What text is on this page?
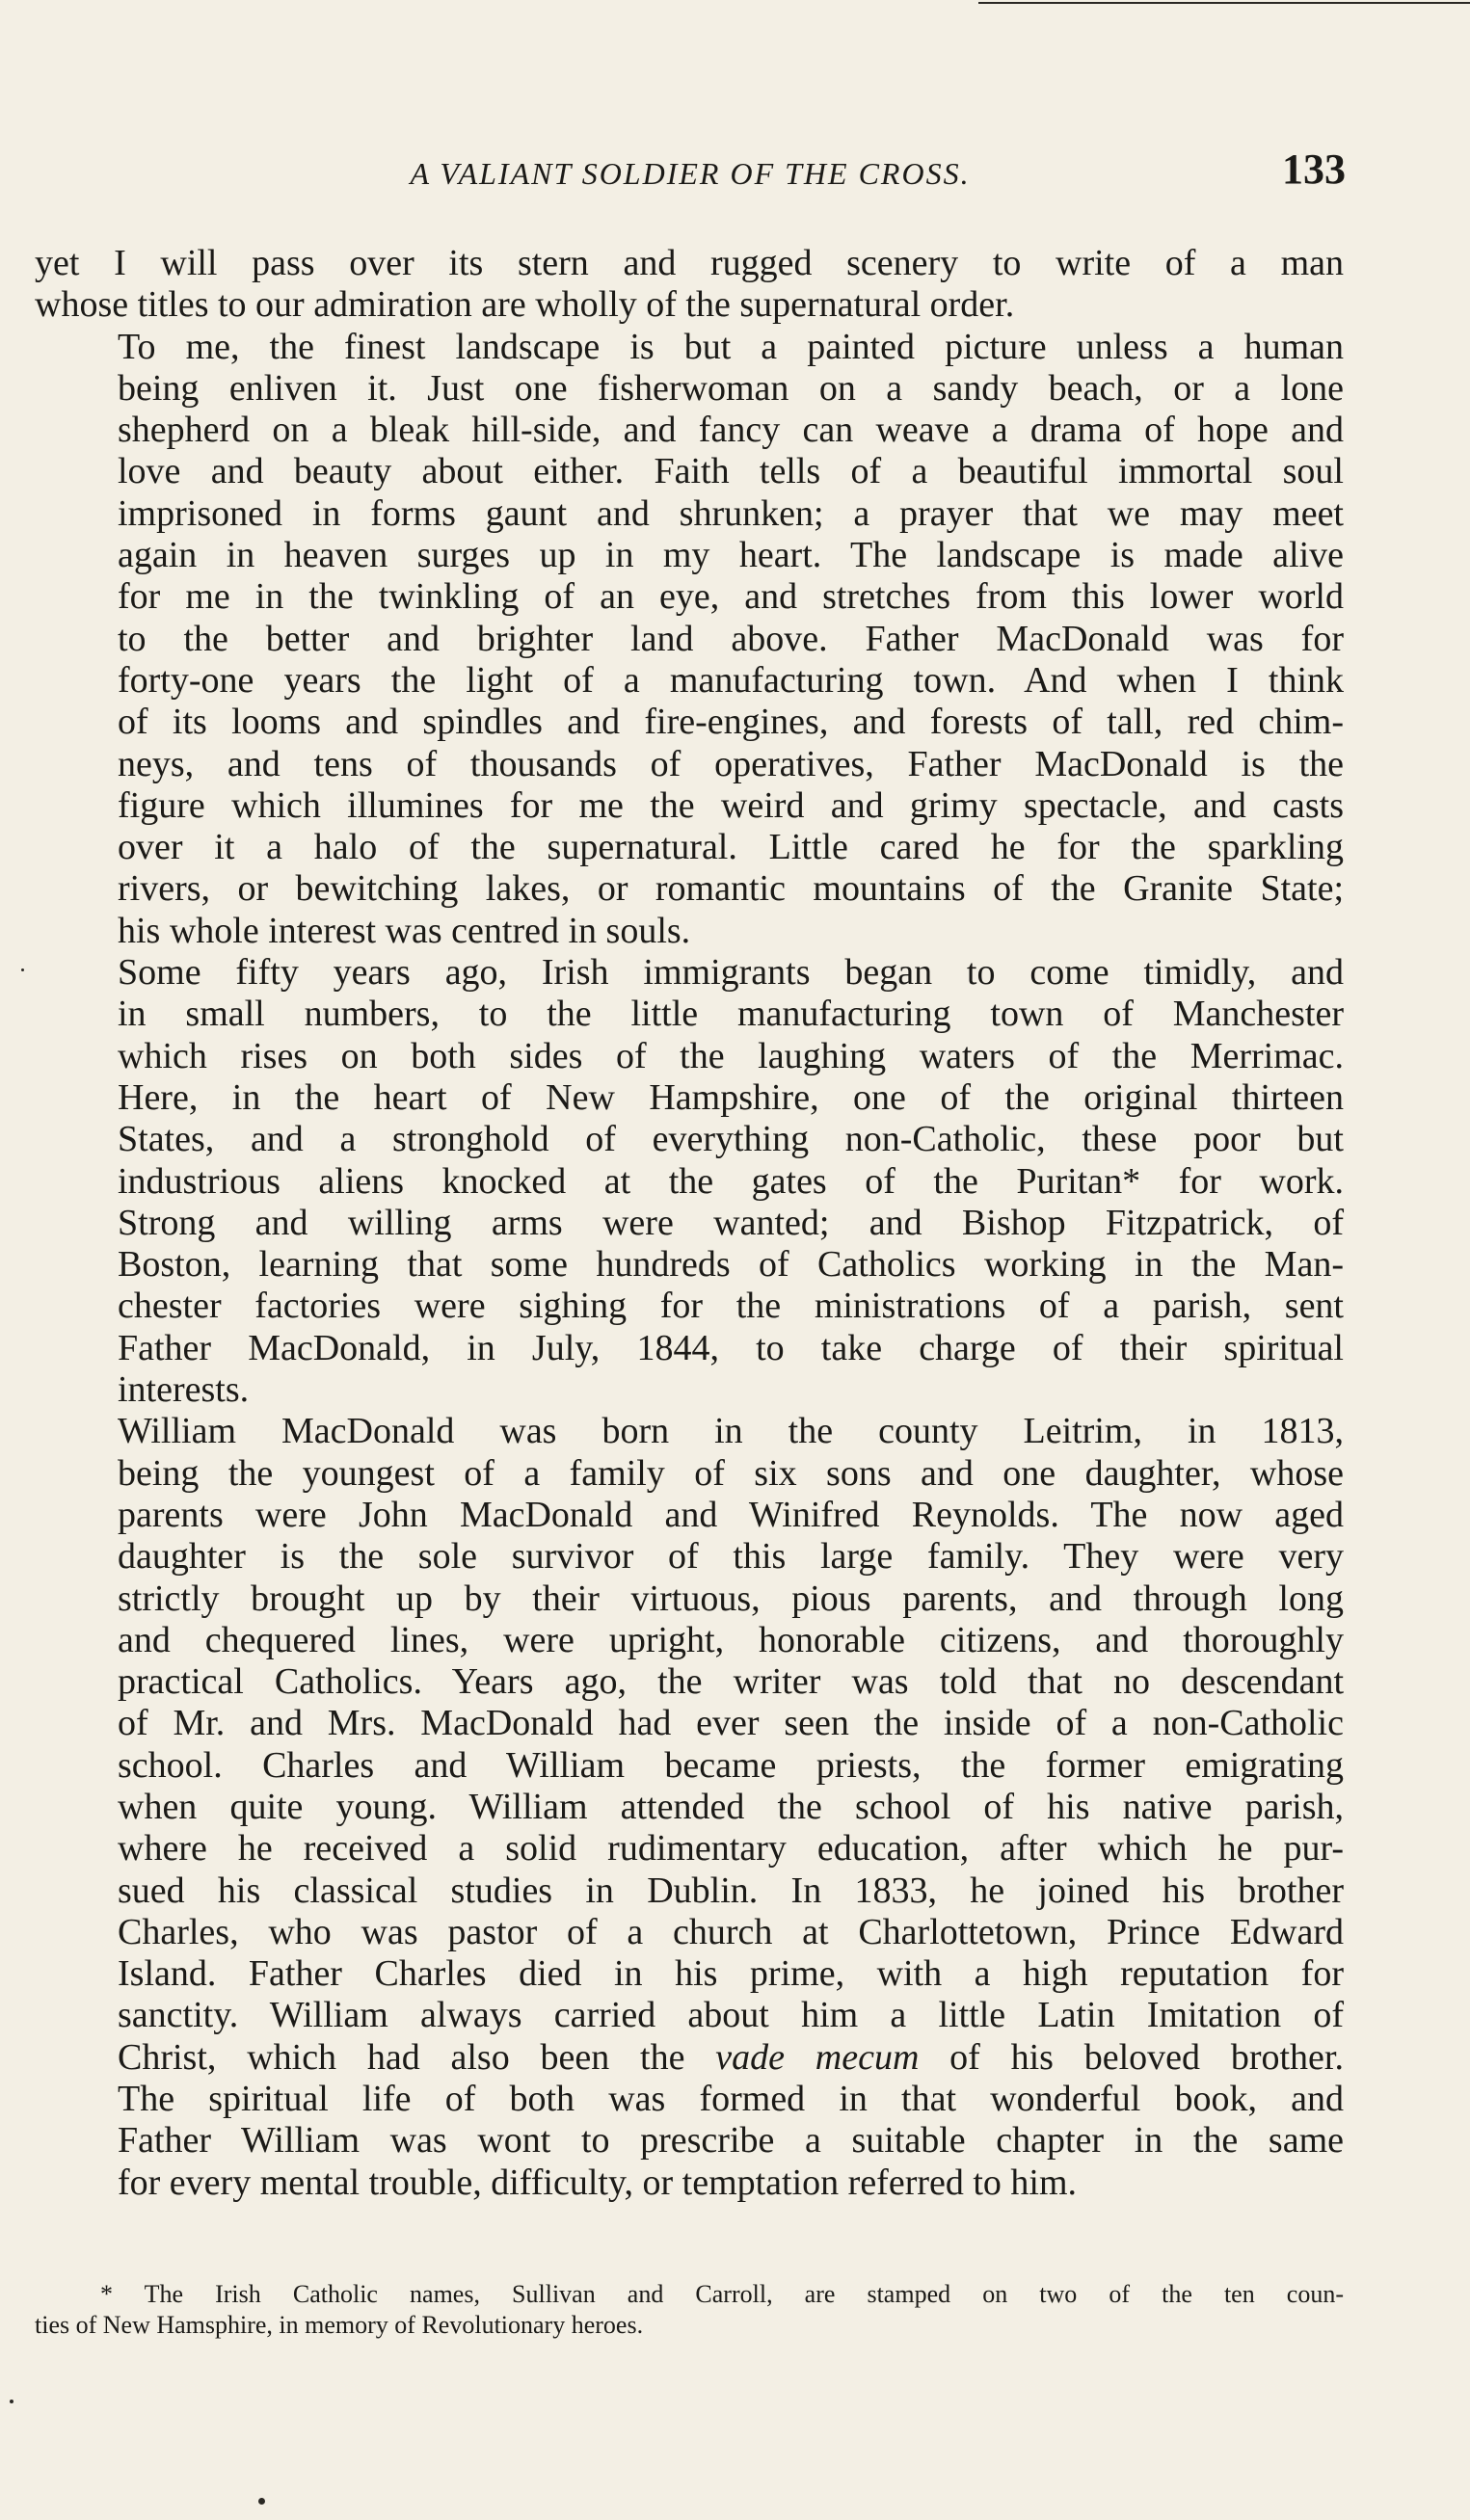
A VALIANT SOLDIER OF THE CROSS.	133

yet I will pass over its stern and rugged scenery to write of a man
whose titles to our admiration are wholly of the supernatural order.

To me, the finest landscape is but a painted picture unless a human
being enliven it. Just one fisherwoman on a sandy beach, or a lone
shepherd on a bleak hill-side, and fancy can weave a drama of hope and
love and beauty about either. Faith tells of a beautiful immortal soul
imprisoned in forms gaunt and shrunken; a prayer that we may meet
again in heaven surges up in my heart. The landscape is made alive
for me in the twinkling of an eye, and stretches from this lower world
to the better and brighter land above. Father MacDonald was for
forty-one years the light of a manufacturing town. And when I think
of its looms and spindles and fire-engines, and forests of tall, red chim-
neys, and tens of thousands of operatives, Father MacDonald is the
figure which illumines for me the weird and grimy spectacle, and casts
over it a halo of the supernatural. Little cared he for the sparkling
rivers, or bewitching lakes, or romantic mountains of the Granite State;
his whole interest was centred in souls.

Some fifty years ago, Irish immigrants began to come timidly, and
in small numbers, to the little manufacturing town of Manchester
which rises on both sides of the laughing waters of the Merrimac.
Here, in the heart of New Hampshire, one of the original thirteen
States, and a stronghold of everything non-Catholic, these poor but
industrious aliens knocked at the gates of the Puritan* for work.
Strong and willing arms were wanted; and Bishop Fitzpatrick, of
Boston, learning that some hundreds of Catholics working in the Man-
chester factories were sighing for the ministrations of a parish, sent
Father MacDonald, in July, 1844, to take charge of their spiritual
interests.

William MacDonald was born in the county Leitrim, in 1813,
being the youngest of a family of six sons and one daughter, whose
parents were John MacDonald and Winifred Reynolds. The now aged
daughter is the sole survivor of this large family. They were very
strictly brought up by their virtuous, pious parents, and through long
and chequered lines, were upright, honorable citizens, and thoroughly
practical Catholics. Years ago, the writer was told that no descendant
of Mr. and Mrs. MacDonald had ever seen the inside of a non-Catholic
school. Charles and William became priests, the former emigrating
when quite young. William attended the school of his native parish,
where he received a solid rudimentary education, after which he pur-
sued his classical studies in Dublin. In 1833, he joined his brother
Charles, who was pastor of a church at Charlottetown, Prince Edward
Island. Father Charles died in his prime, with a high reputation for
sanctity. William always carried about him a little Latin Imitation of
Christ, which had also been the vade mecum of his beloved brother.
The spiritual life of both was formed in that wonderful book, and
Father William was wont to prescribe a suitable chapter in the same
for every mental trouble, difficulty, or temptation referred to him.

* The Irish Catholic names, Sullivan and Carroll, are stamped on two of the ten coun-
ties of New Hamsphire, in memory of Revolutionary heroes.
